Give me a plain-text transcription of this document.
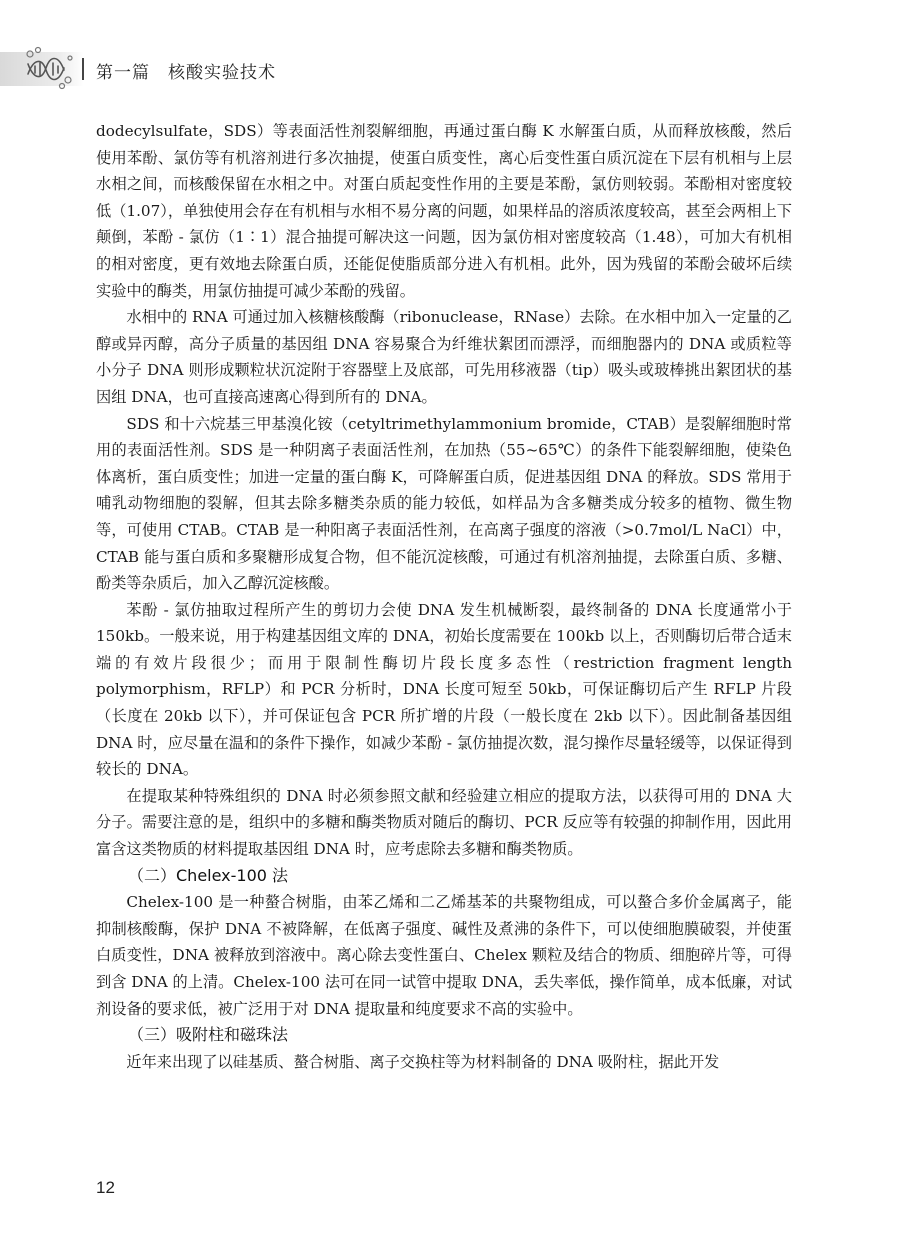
第一篇　核酸实验技术

dodecylsulfate，SDS）等表面活性剂裂解细胞，再通过蛋白酶 K 水解蛋白质，从而释放核酸，然后使用苯酚、氯仿等有机溶剂进行多次抽提，使蛋白质变性，离心后变性蛋白质沉淀在下层有机相与上层水相之间，而核酸保留在水相之中。对蛋白质起变性作用的主要是苯酚，氯仿则较弱。苯酚相对密度较低（1.07），单独使用会存在有机相与水相不易分离的问题，如果样品的溶质浓度较高，甚至会两相上下颠倒，苯酚 - 氯仿（1∶1）混合抽提可解决这一问题，因为氯仿相对密度较高（1.48），可加大有机相的相对密度，更有效地去除蛋白质，还能促使脂质部分进入有机相。此外，因为残留的苯酚会破坏后续实验中的酶类，用氯仿抽提可减少苯酚的残留。

水相中的 RNA 可通过加入核糖核酸酶（ribonuclease，RNase）去除。在水相中加入一定量的乙醇或异丙醇，高分子质量的基因组 DNA 容易聚合为纤维状絮团而漂浮，而细胞器内的 DNA 或质粒等小分子 DNA 则形成颗粒状沉淀附于容器壁上及底部，可先用移液器（tip）吸头或玻棒挑出絮团状的基因组 DNA，也可直接高速离心得到所有的 DNA。

SDS 和十六烷基三甲基溴化铵（cetyltrimethylammonium bromide，CTAB）是裂解细胞时常用的表面活性剂。SDS 是一种阴离子表面活性剂，在加热（55~65℃）的条件下能裂解细胞，使染色体离析，蛋白质变性；加进一定量的蛋白酶 K，可降解蛋白质，促进基因组 DNA 的释放。SDS 常用于哺乳动物细胞的裂解，但其去除多糖类杂质的能力较低，如样品为含多糖类成分较多的植物、微生物等，可使用 CTAB。CTAB 是一种阳离子表面活性剂，在高离子强度的溶液（>0.7mol/L NaCl）中，CTAB 能与蛋白质和多聚糖形成复合物，但不能沉淀核酸，可通过有机溶剂抽提，去除蛋白质、多糖、酚类等杂质后，加入乙醇沉淀核酸。

苯酚 - 氯仿抽取过程所产生的剪切力会使 DNA 发生机械断裂，最终制备的 DNA 长度通常小于 150kb。一般来说，用于构建基因组文库的 DNA，初始长度需要在 100kb 以上，否则酶切后带合适末端的有效片段很少；而用于限制性酶切片段长度多态性（restriction fragment length polymorphism，RFLP）和 PCR 分析时，DNA 长度可短至 50kb，可保证酶切后产生 RFLP 片段（长度在 20kb 以下），并可保证包含 PCR 所扩增的片段（一般长度在 2kb 以下）。因此制备基因组 DNA 时，应尽量在温和的条件下操作，如减少苯酚 - 氯仿抽提次数，混匀操作尽量轻缓等，以保证得到较长的 DNA。

在提取某种特殊组织的 DNA 时必须参照文献和经验建立相应的提取方法，以获得可用的 DNA 大分子。需要注意的是，组织中的多糖和酶类物质对随后的酶切、PCR 反应等有较强的抑制作用，因此用富含这类物质的材料提取基因组 DNA 时，应考虑除去多糖和酶类物质。

（二）Chelex-100 法

Chelex-100 是一种螯合树脂，由苯乙烯和二乙烯基苯的共聚物组成，可以螯合多价金属离子，能抑制核酸酶，保护 DNA 不被降解，在低离子强度、碱性及煮沸的条件下，可以使细胞膜破裂，并使蛋白质变性，DNA 被释放到溶液中。离心除去变性蛋白、Chelex 颗粒及结合的物质、细胞碎片等，可得到含 DNA 的上清。Chelex-100 法可在同一试管中提取 DNA，丢失率低，操作简单，成本低廉，对试剂设备的要求低，被广泛用于对 DNA 提取量和纯度要求不高的实验中。

（三）吸附柱和磁珠法

近年来出现了以硅基质、螯合树脂、离子交换柱等为材料制备的 DNA 吸附柱，据此开发

12
